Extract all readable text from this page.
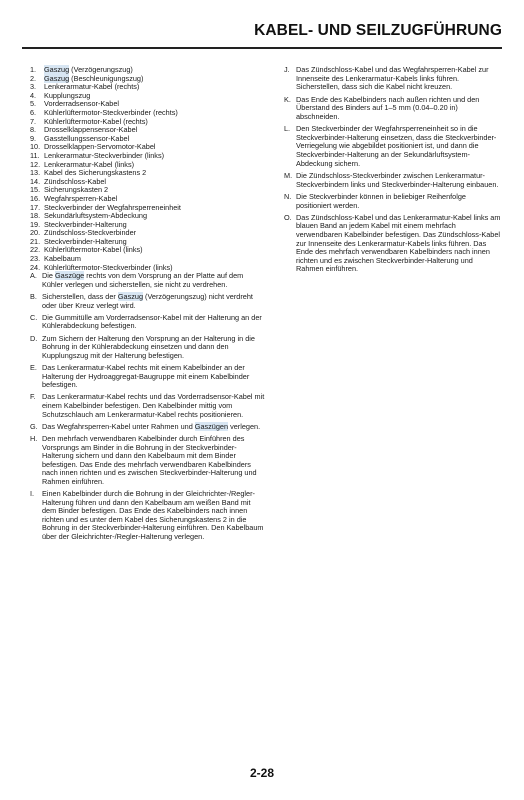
KABEL- UND SEILZUGFÜHRUNG
1.	Gaszug (Verzögerungszug)
2.	Gaszug (Beschleunigungszug)
3.	Lenkerarmatur-Kabel (rechts)
4.	Kupplungszug
5.	Vorderradsensor-Kabel
6.	Kühlerlüftermotor-Steckverbinder (rechts)
7.	Kühlerlüftermotor-Kabel (rechts)
8.	Drosselklappensensor-Kabel
9.	Gasstellungssensor-Kabel
10. Drosselklappen-Servomotor-Kabel
11. Lenkerarmatur-Steckverbinder (links)
12. Lenkerarmatur-Kabel (links)
13. Kabel des Sicherungskastens 2
14. Zündschloss-Kabel
15. Sicherungskasten 2
16. Wegfahrsperren-Kabel
17. Steckverbinder der Wegfahrsperreneinheit
18. Sekundärluftsystem-Abdeckung
19. Steckverbinder-Halterung
20. Zündschloss-Steckverbinder
21. Steckverbinder-Halterung
22. Kühlerlüftermotor-Kabel (links)
23. Kabelbaum
24. Kühlerlüftermotor-Steckverbinder (links)
A. Die Gaszüge rechts von dem Vorsprung an der Platte auf dem Kühler verlegen und sicherstellen, sie nicht zu verdrehen.
B. Sicherstellen, dass der Gaszug (Verzögerungszug) nicht verdreht oder über Kreuz verlegt wird.
C. Die Gummitülle am Vorderradsensor-Kabel mit der Halterung an der Kühlerabdeckung befestigen.
D. Zum Sichern der Halterung den Vorsprung an der Halterung in die Bohrung in der Kühlerabdeckung einsetzen und dann den Kupplungszug mit der Halterung befestigen.
E. Das Lenkerarmatur-Kabel rechts mit einem Kabelbinder an der Halterung der Hydroaggregat-Baugruppe mit einem Kabelbinder befestigen.
F. Das Lenkerarmatur-Kabel rechts und das Vorderradsensor-Kabel mit einem Kabelbinder befestigen. Den Kabelbinder mittig vom Schutzschlauch am Lenkerarmatur-Kabel rechts positionieren.
G. Das Wegfahrsperren-Kabel unter Rahmen und Gaszügen verlegen.
H. Den mehrfach verwendbaren Kabelbinder durch Einführen des Vorsprungs am Binder in die Bohrung in der Steckverbinder-Halterung sichern und dann den Kabelbaum mit dem Binder befestigen. Das Ende des mehrfach verwendbaren Kabelbinders nach innen richten und es zwischen Steckverbinder-Halterung und Rahmen einführen.
I.	Einen Kabelbinder durch die Bohrung in der Gleichrichter-/Regler-Halterung führen und dann den Kabelbaum am weißen Band mit dem Binder befestigen. Das Ende des Kabelbinders nach innen richten und es unter dem Kabel des Sicherungskastens 2 in die Bohrung in der Steckverbinder-Halterung einführen. Den Kabelbaum über der Gleichrichter-/Regler-Halterung verlegen.
J. Das Zündschloss-Kabel und das Wegfahrsperren-Kabel zur Innenseite des Lenkerarmatur-Kabels links führen. Sicherstellen, dass sich die Kabel nicht kreuzen.
K. Das Ende des Kabelbinders nach außen richten und den Überstand des Binders auf 1–5 mm (0.04–0.20 in) abschneiden.
L. Den Steckverbinder der Wegfahrsperreneinheit so in die Steckverbinder-Halterung einsetzen, dass die Steckverbinder-Verriegelung wie abgebildet positioniert ist, und dann die Steckverbinder-Halterung an der Sekundärluftsystem-Abdeckung sichern.
M. Die Zündschloss-Steckverbinder zwischen Lenkerarmatur-Steckverbindern links und Steckverbinder-Halterung einbauen.
N. Die Steckverbinder können in beliebiger Reihenfolge positioniert werden.
O. Das Zündschloss-Kabel und das Lenkerarmatur-Kabel links am blauen Band an jedem Kabel mit einem mehrfach verwendbaren Kabelbinder befestigen. Das Zündschloss-Kabel zur Innenseite des Lenkerarmatur-Kabels links führen. Das Ende des mehrfach verwendbaren Kabelbinders nach innen richten und es zwischen Steckverbinder-Halterung und Rahmen einführen.
2-28
